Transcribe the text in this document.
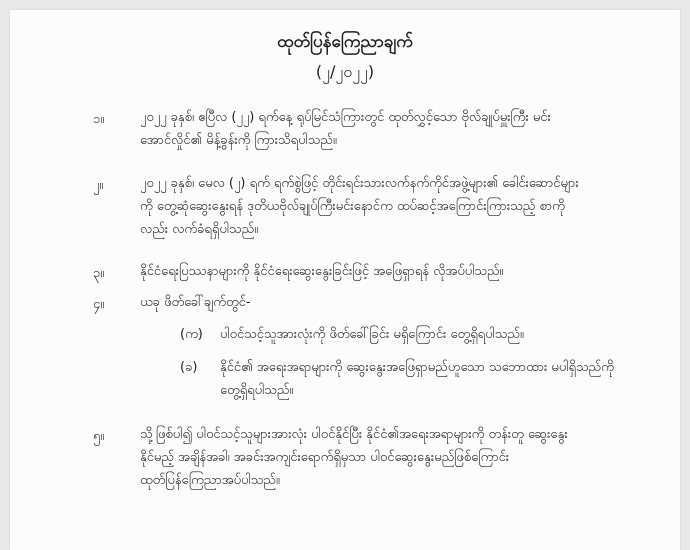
ထုတ်ပြန်ကြေညာချက်
(၂/၂၀၂၂)
၁။	၂၀၂၂ ခုနှစ်၊ ဧပြီလ (၂၂) ရက်နေ့ ရုပ်မြင်သံကြားတွင် ထုတ်လွှင့်သော ဗိုလ်ချုပ်မှူးကြီး မင်းအောင်လှိုင်၏ မိန့်ခွန်းကို ကြားသိရပါသည်။
၂။	၂၀၂၂ ခုနှစ်၊ မေလ (၂) ရက် ရက်စွဲဖြင့် တိုင်းရင်းသားလက်နက်ကိုင်အဖွဲ့များ၏ ခေါင်းဆောင်များကို တွေ့ဆုံဆွေးနွေးရန် ဒုတိယဗိုလ်ချုပ်ကြီးမင်းနောင်က ထပ်ဆင့်အကြောင်းကြားသည့် စာကိုလည်း လက်ခံရရှိပါသည်။
၃။	နိုင်ငံရေးပြဿနာများကို နိုင်ငံရေးဆွေးနွေးခြင်းဖြင့် အဖြေရှာရန် လိုအပ်ပါသည်။
၄။	ယခု ဖိတ်ခေါ်ချက်တွင်-
(က)	ပါဝင်သင့်သူအားလုံးကို ဖိတ်ခေါ်ခြင်း မရှိကြောင်း တွေ့ရှိရပါသည်။
(ခ)	နိုင်ငံ၏ အရေးအရာများကို ဆွေးနွေးအဖြေရှာမည်ဟူသော သဘောထား မပါရှိသည်ကို တွေ့ရှိရပါသည်။
၅။	သို့ဖြစ်ပါ၍ ပါဝင်သင့်သူများအားလုံး ပါဝင်နိုင်ပြီး နိုင်ငံ၏အရေးအရာများကို တန်းတူ ဆွေးနွေးနိုင်မည့် အချိန်အခါ၊ အခင်းအကျင်းရောက်ရှိမှသာ ပါဝင်ဆွေးနွေးမည်ဖြစ်ကြောင်း ထုတ်ပြန်ကြေညာအပ်ပါသည်။
